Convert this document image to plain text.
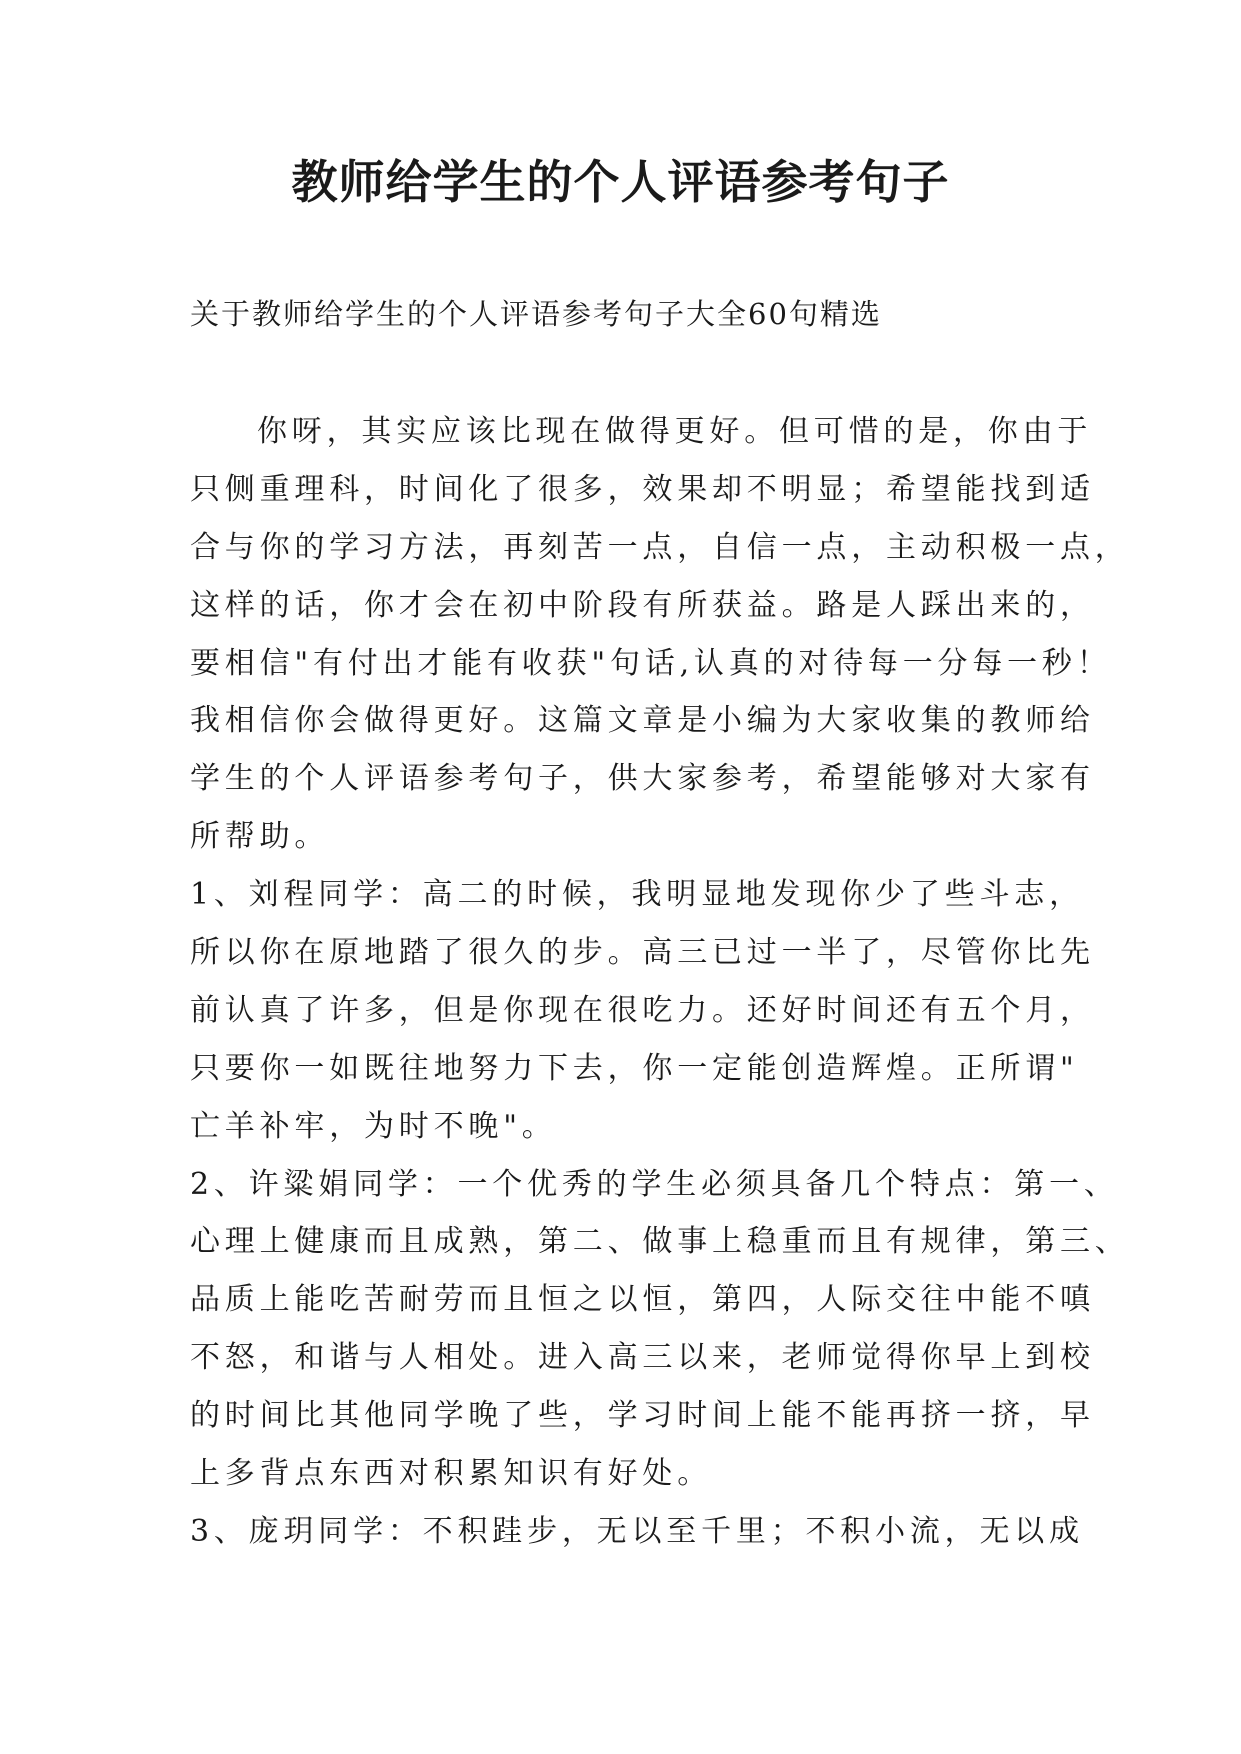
教师给学生的个人评语参考句子

关于教师给学生的个人评语参考句子大全60句精选

你呀，其实应该比现在做得更好。但可惜的是，你由于

只侧重理科，时间化了很多，效果却不明显；希望能找到适

合与你的学习方法，再刻苦一点，自信一点，主动积极一点，

这样的话，你才会在初中阶段有所获益。路是人踩出来的，

要相信"有付出才能有收获"句话,认真的对待每一分每一秒！

我相信你会做得更好。这篇文章是小编为大家收集的教师给

学生的个人评语参考句子，供大家参考，希望能够对大家有

所帮助。

1、刘程同学：高二的时候，我明显地发现你少了些斗志，

所以你在原地踏了很久的步。高三已过一半了，尽管你比先

前认真了许多，但是你现在很吃力。还好时间还有五个月，

只要你一如既往地努力下去，你一定能创造辉煌。正所谓"

亡羊补牢，为时不晚"。

2、许粱娟同学：一个优秀的学生必须具备几个特点：第一、

心理上健康而且成熟，第二、做事上稳重而且有规律，第三、

品质上能吃苦耐劳而且恒之以恒，第四，人际交往中能不嗔

不怒，和谐与人相处。进入高三以来，老师觉得你早上到校

的时间比其他同学晚了些，学习时间上能不能再挤一挤，早

上多背点东西对积累知识有好处。

3、庞玥同学：不积跬步，无以至千里；不积小流，无以成
